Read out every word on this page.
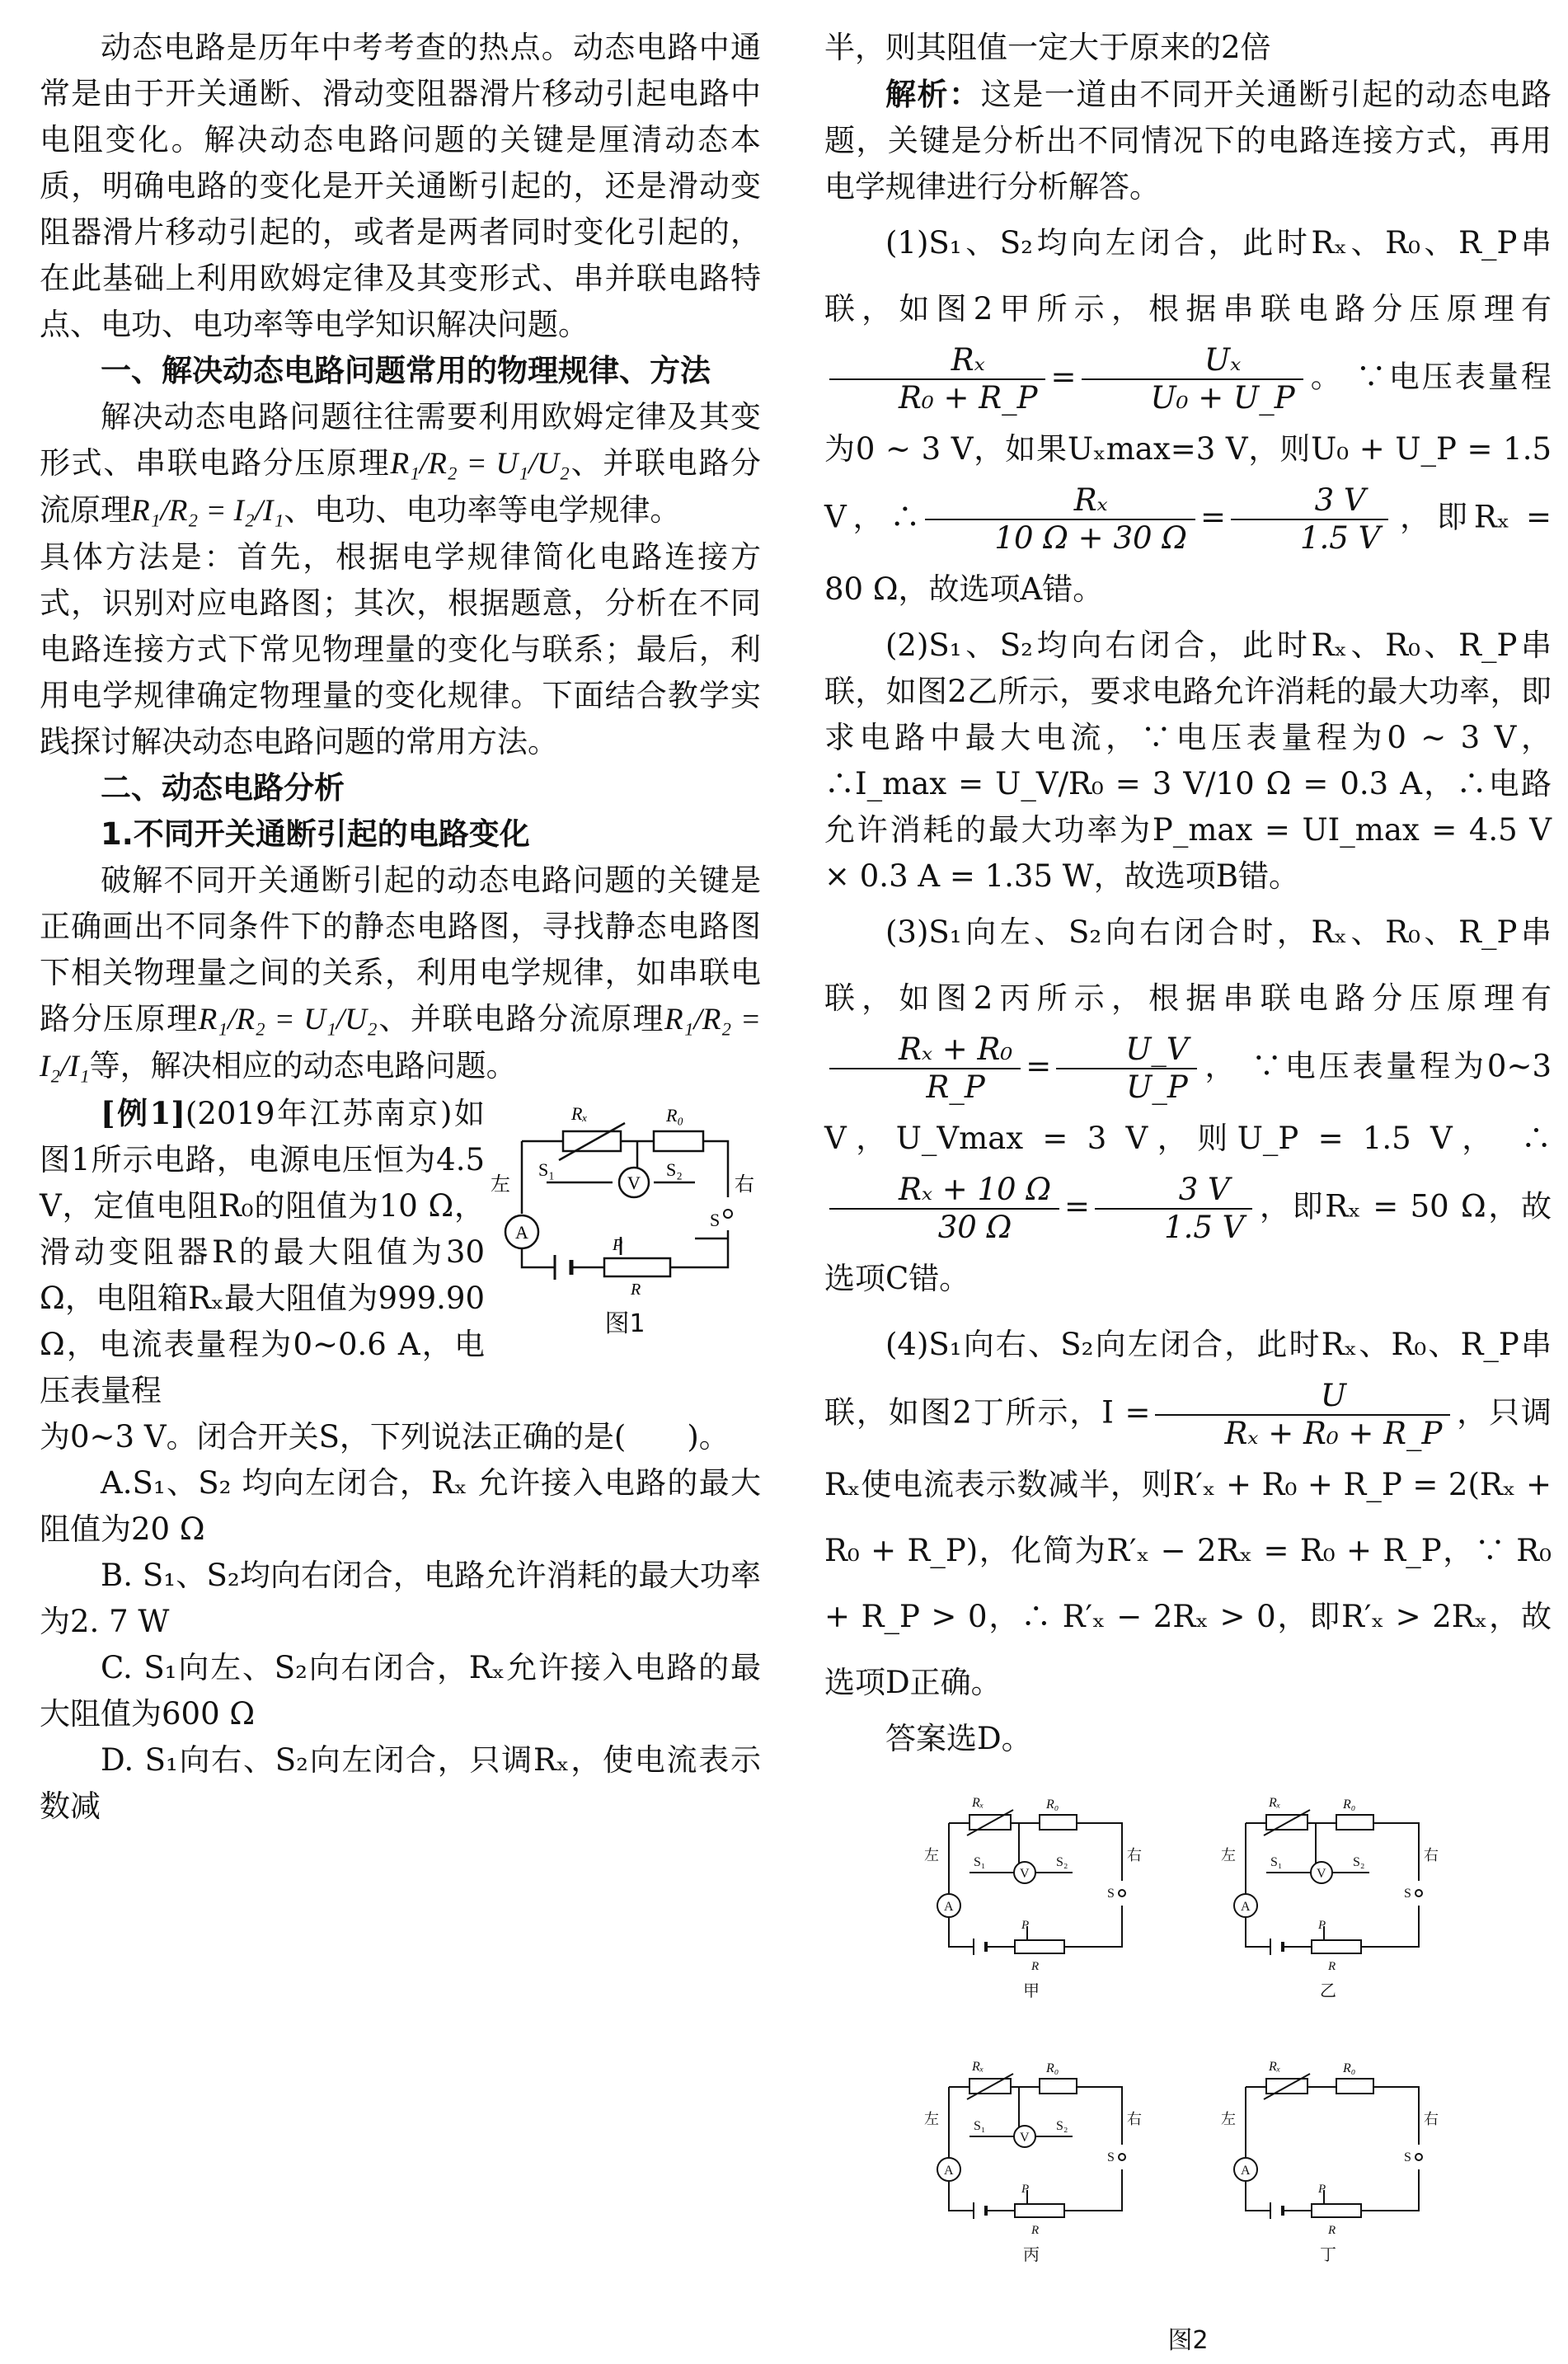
动态电路是历年中考考查的热点。动态电路中通常是由于开关通断、滑动变阻器滑片移动引起电路中电阻变化。解决动态电路问题的关键是厘清动态本质，明确电路的变化是开关通断引起的，还是滑动变阻器滑片移动引起的，或者是两者同时变化引起的，在此基础上利用欧姆定律及其变形式、串并联电路特点、电功、电功率等电学知识解决问题。

一、解决动态电路问题常用的物理规律、方法

解决动态电路问题往往需要利用欧姆定律及其变形式、串联电路分压原理R₁/R₂ = U₁/U₂、并联电路分流原理R₁/R₂ = I₂/I₁、电功、电功率等电学规律。

具体方法是：首先，根据电学规律简化电路连接方式，识别对应电路图；其次，根据题意，分析在不同电路连接方式下常见物理量的变化与联系；最后，利用电学规律确定物理量的变化规律。下面结合教学实践探讨解决动态电路问题的常用方法。

二、动态电路分析

1.不同开关通断引起的电路变化

破解不同开关通断引起的动态电路问题的关键是正确画出不同条件下的静态电路图，寻找静态电路图下相关物理量之间的关系，利用电学规律，如串联电路分压原理R₁/R₂ = U₁/U₂、并联电路分流原理R₁/R₂ = I₂/I₁等，解决相应的动态电路问题。

[例1](2019年江苏南京)如图1所示电路，电源电压恒为4.5 V，定值电阻R₀的阻值为10 Ω，滑动变阻器R的最大阻值为30 Ω，电阻箱Rₓ最大阻值为999.90 Ω，电流表量程为0~0.6 A，电压表量程

Rₓ	R₀
S₁	S₂
左	右
S
A
V
P
R
图1

为0~3 V。闭合开关S，下列说法正确的是(　　)。

A.S₁、S₂ 均向左闭合，Rₓ 允许接入电路的最大阻值为20 Ω

B. S₁、S₂均向右闭合，电路允许消耗的最大功率为2. 7 W

C. S₁向左、S₂向右闭合，Rₓ允许接入电路的最大阻值为600 Ω

D. S₁向右、S₂向左闭合，只调Rₓ，使电流表示数减

半，则其阻值一定大于原来的2倍

解析：这是一道由不同开关通断引起的动态电路题，关键是分析出不同情况下的电路连接方式，再用电学规律进行分析解答。

(1)S₁、S₂均向左闭合，此时Rₓ、R₀、R_P串联，如图2甲所示，根据串联电路分压原理有
$\frac{\text{Rₓ}}{\text{R₀ + R\_P}} = \frac{\text{Uₓ}}{\text{U₀ + U\_P}}$ 。 ∵电压表量程为0 ~ 3 V，如果Uₓmax=3 V，则U₀ + U_P = 1.5 V，∴ $\frac{\text{Rₓ}}{10 \Omega + 30 \Omega} = \frac{3 V}{1.5 V}$ ，即Rₓ = 80 Ω，故选项A错。

(2)S₁、S₂均向右闭合，此时Rₓ、R₀、R_P串联，如图2乙所示，要求电路允许消耗的最大功率，即求电路中最大电流，∵电压表量程为0 ~ 3 V，∴I_max = U_V/R₀ = 3 V/10 Ω = 0.3 A，∴电路允许消耗的最大功率为P_max = UI_max = 4.5 V × 0.3 A = 1.35 W，故选项B错。

(3)S₁向左、S₂向右闭合时，Rₓ、R₀、R_P串联，如图2丙所示，根据串联电路分压原理有
$\frac{\text{Rₓ + R₀}}{R\_P} = \frac{U\_V}{U\_P}$ ， ∵电压表量程为0~3 V，U_Vmax = 3 V，则U_P = 1.5 V， ∴
$\frac{\text{Rₓ + 10 Ω}}{30 \Omega} = \frac{3 V}{1.5 V}$ ，即Rₓ = 50 Ω，故选项C错。

(4)S₁向右、S₂向左闭合，此时Rₓ、R₀、R_P串联，如图2丁所示，$I = \frac{U}{\text{Rₓ + R₀ + R\_P}}$ ，只调Rₓ使电流表示数减半，则R′ₓ + R₀ + R_P = 2(Rₓ + R₀ + R_P)，化简为R′ₓ − 2Rₓ = R₀ + R_P，∵ R₀ + R_P > 0，∴ R′ₓ − 2Rₓ > 0，即R′ₓ > 2Rₓ，故选项D正确。

答案选D。

Rₓ	R₀
S₁	S₂
V
左	右
S
A
P
R
甲
Rₓ	R₀
S₁	S₂
V
左	右
S
A
P
R
乙
Rₓ	R₀
S₁	S₂
V
左	右
S
A
P
R
丙
Rₓ	R₀
左	右
S
A
P
R
丁
图2
